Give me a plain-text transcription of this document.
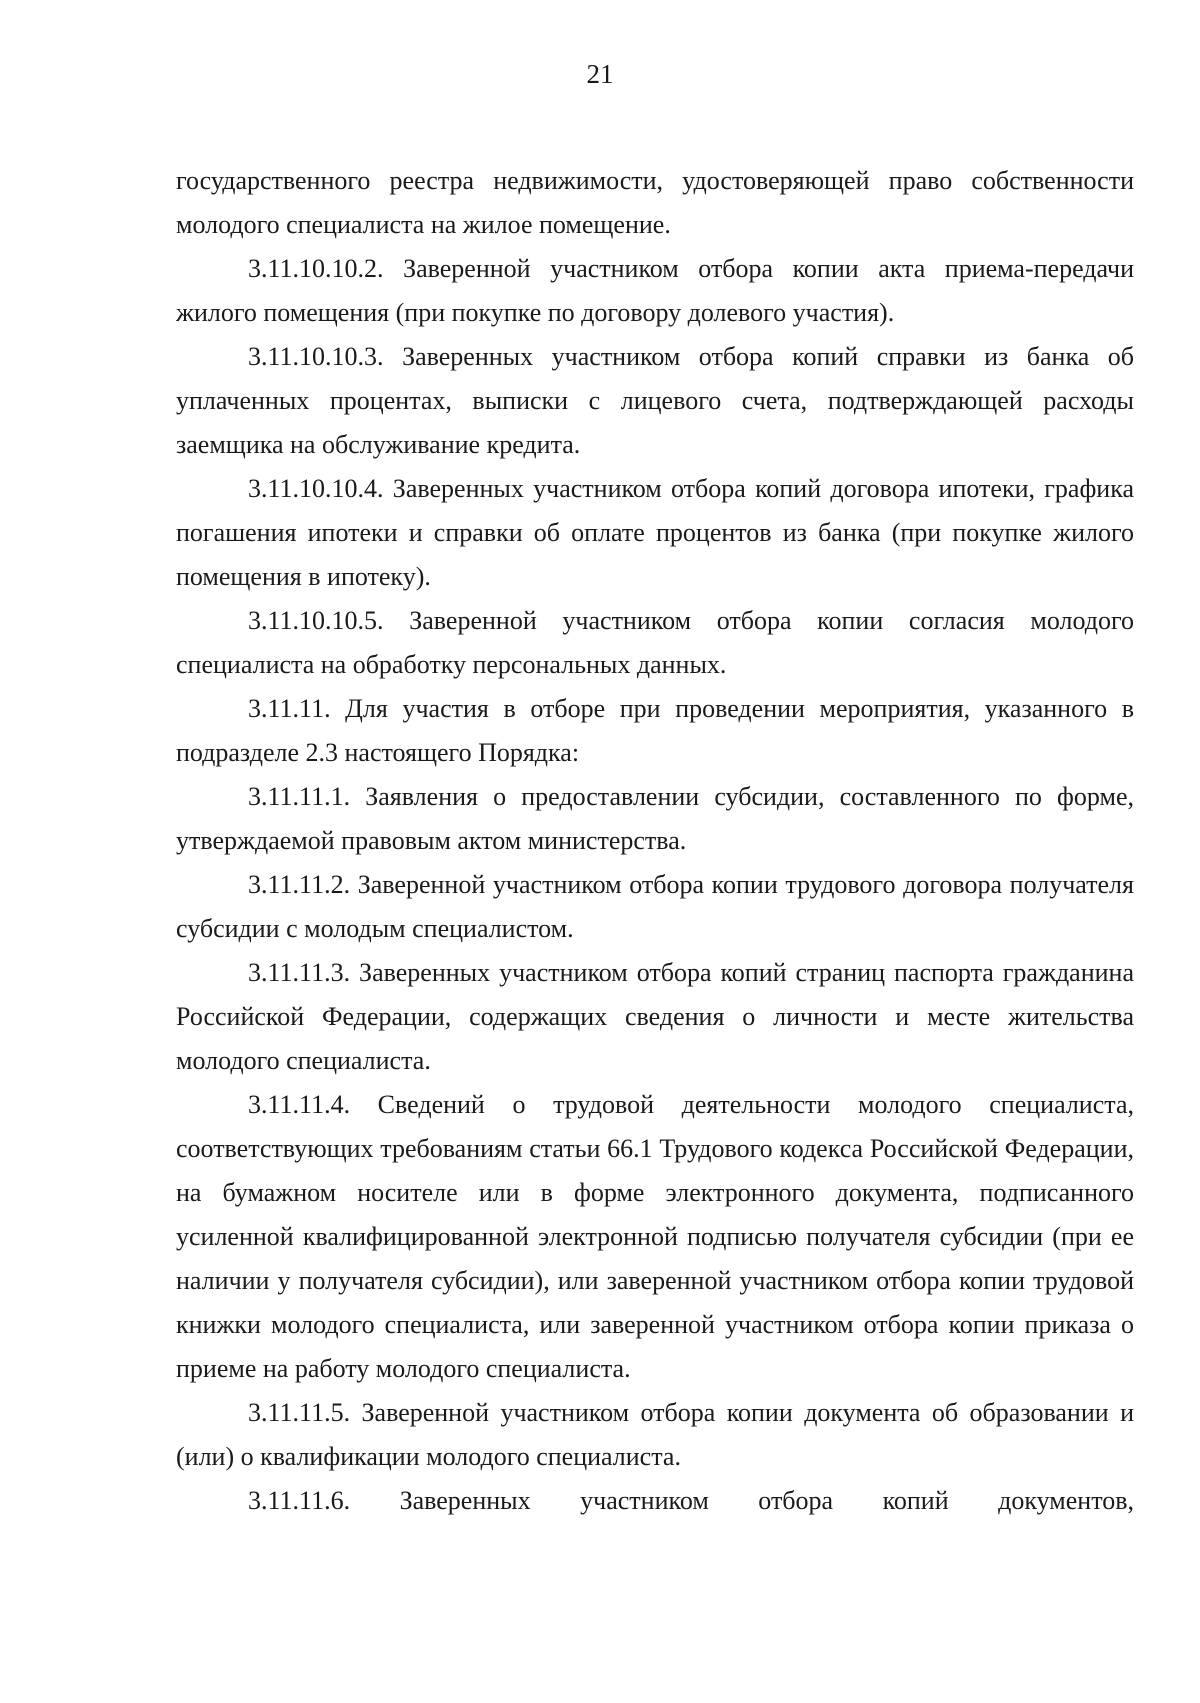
21

государственного реестра недвижимости, удостоверяющей право собственности молодого специалиста на жилое помещение.

3.11.10.10.2. Заверенной участником отбора копии акта приема-передачи жилого помещения (при покупке по договору долевого участия).

3.11.10.10.3. Заверенных участником отбора копий справки из банка об уплаченных процентах, выписки с лицевого счета, подтверждающей расходы заемщика на обслуживание кредита.

3.11.10.10.4. Заверенных участником отбора копий договора ипотеки, графика погашения ипотеки и справки об оплате процентов из банка (при покупке жилого помещения в ипотеку).

3.11.10.10.5. Заверенной участником отбора копии согласия молодого специалиста на обработку персональных данных.

3.11.11. Для участия в отборе при проведении мероприятия, указанного в подразделе 2.3 настоящего Порядка:

3.11.11.1. Заявления о предоставлении субсидии, составленного по форме, утверждаемой правовым актом министерства.

3.11.11.2. Заверенной участником отбора копии трудового договора получателя субсидии с молодым специалистом.

3.11.11.3. Заверенных участником отбора копий страниц паспорта гражданина Российской Федерации, содержащих сведения о личности и месте жительства молодого специалиста.

3.11.11.4. Сведений о трудовой деятельности молодого специалиста, соответствующих требованиям статьи 66.1 Трудового кодекса Российской Федерации, на бумажном носителе или в форме электронного документа, подписанного усиленной квалифицированной электронной подписью получателя субсидии (при ее наличии у получателя субсидии), или заверенной участником отбора копии трудовой книжки молодого специалиста, или заверенной участником отбора копии приказа о приеме на работу молодого специалиста.

3.11.11.5. Заверенной участником отбора копии документа об образовании и (или) о квалификации молодого специалиста.

3.11.11.6. Заверенных участником отбора копий документов,
